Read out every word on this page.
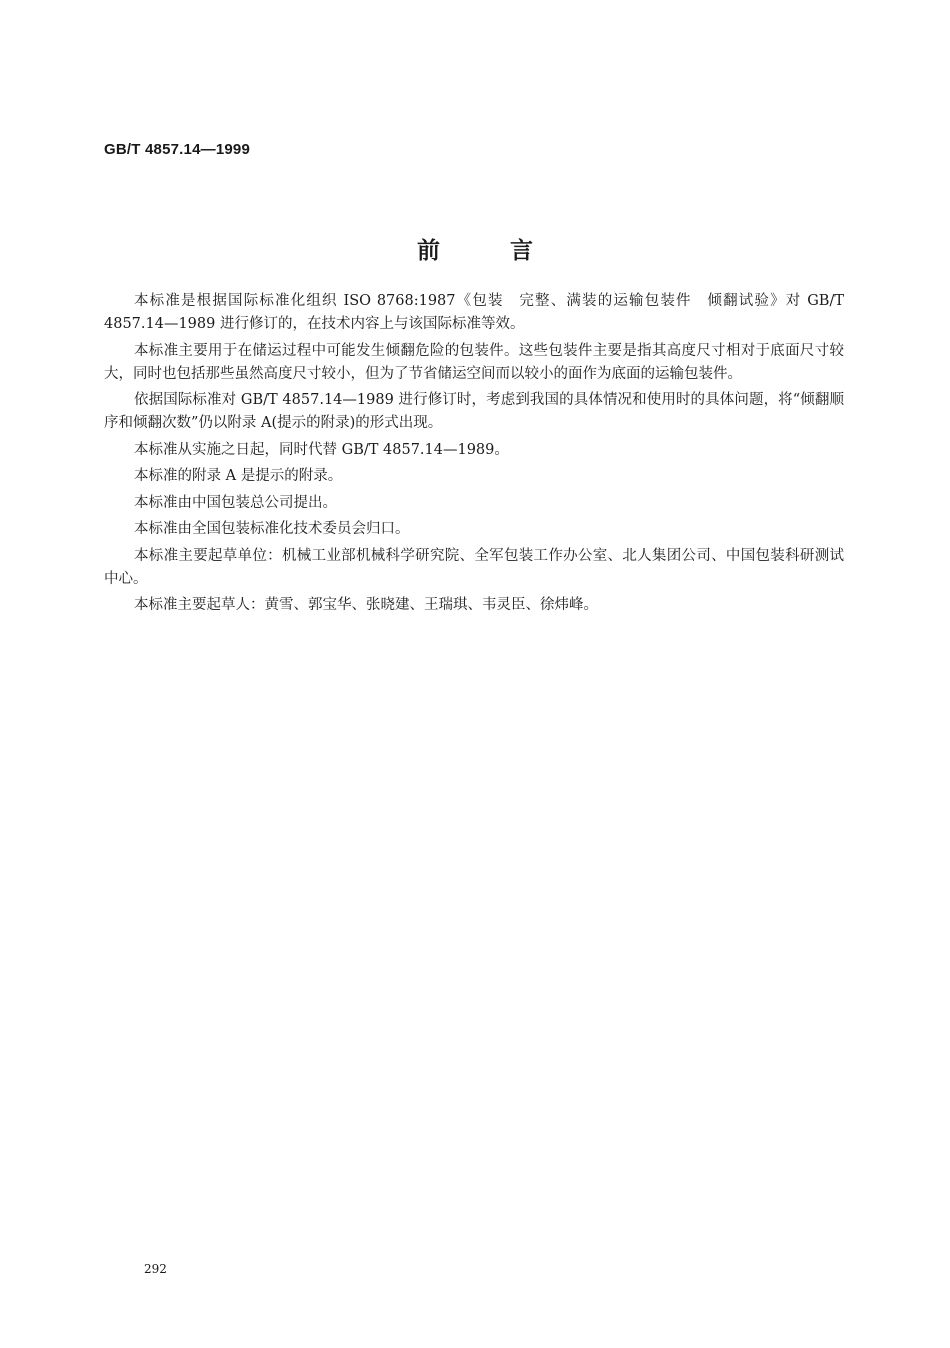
GB/T 4857.14—1999
前	言

本标准是根据国际标准化组织 ISO 8768:1987《包装　完整、满装的运输包装件　倾翻试验》对 GB/T 4857.14—1989 进行修订的，在技术内容上与该国际标准等效。

本标准主要用于在储运过程中可能发生倾翻危险的包装件。这些包装件主要是指其高度尺寸相对于底面尺寸较大，同时也包括那些虽然高度尺寸较小，但为了节省储运空间而以较小的面作为底面的运输包装件。

依据国际标准对 GB/T 4857.14—1989 进行修订时，考虑到我国的具体情况和使用时的具体问题，将“倾翻顺序和倾翻次数”仍以附录 A(提示的附录)的形式出现。

本标准从实施之日起，同时代替 GB/T 4857.14—1989。

本标准的附录 A 是提示的附录。

本标准由中国包装总公司提出。

本标准由全国包装标准化技术委员会归口。

本标准主要起草单位：机械工业部机械科学研究院、全军包装工作办公室、北人集团公司、中国包装科研测试中心。

本标准主要起草人：黄雪、郭宝华、张晓建、王瑞琪、韦灵臣、徐炜峰。

292
